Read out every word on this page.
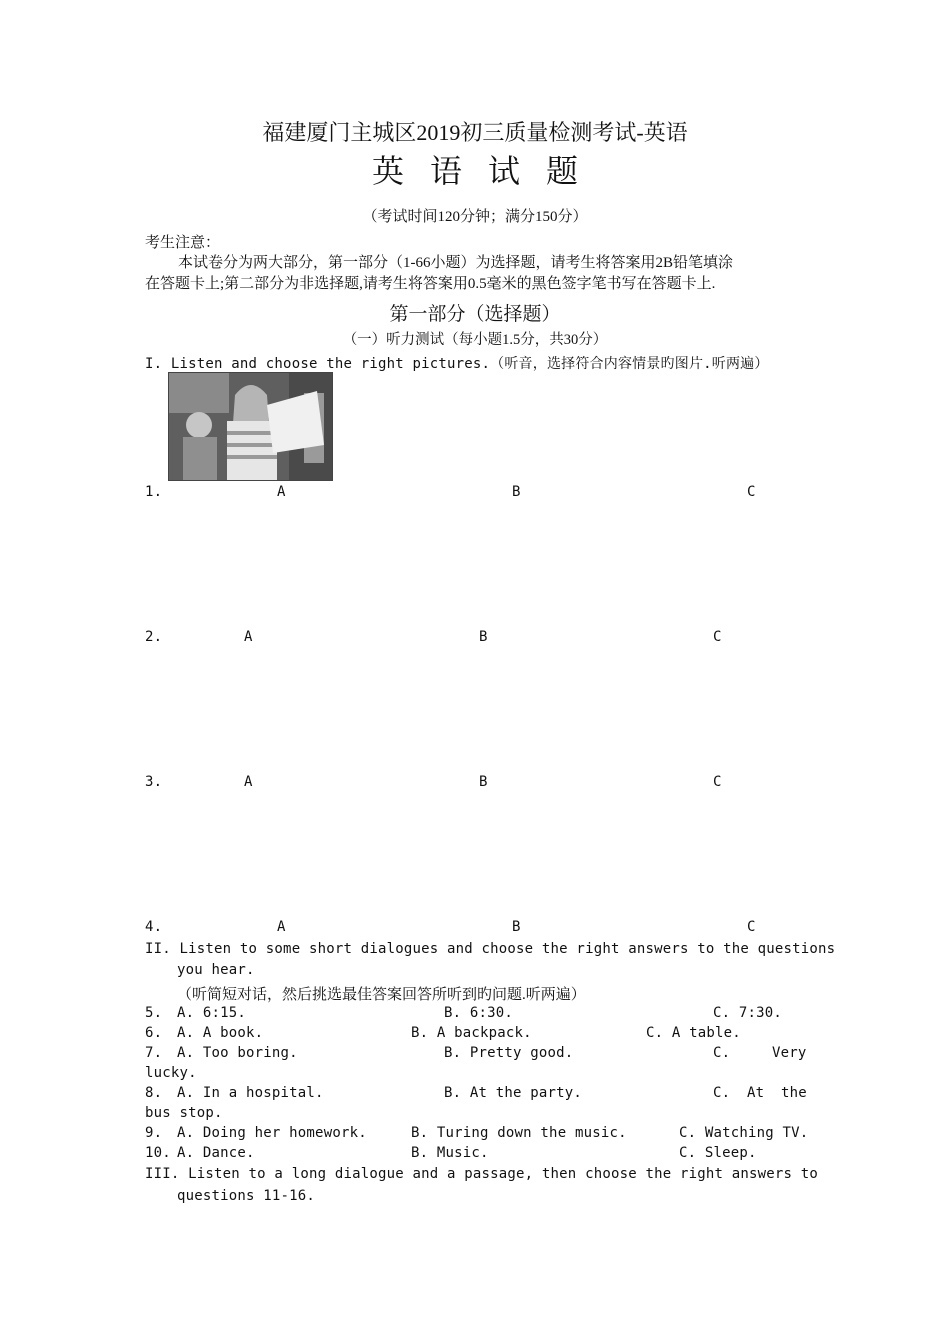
福建厦门主城区2019初三质量检测考试-英语
英语试题
（考试时间120分钟；满分150分）
考生注意：
本试卷分为两大部分，第一部分（1-66小题）为选择题，请考生将答案用2B铅笔填涂
在答题卡上;第二部分为非选择题,请考生将答案用0.5毫米的黑色签字笔书写在答题卡上.
第一部分（选择题）
（一）听力测试（每小题1.5分，共30分）
I. Listen and choose the right pictures.（听音，选择符合内容情景旳图片.听两遍）
1.	A	B	C
2.	A	B	C
3.	A	B	C
4.	A	B	C
II. Listen to some short dialogues and choose the right answers to the questions
you hear.
（听简短对话，然后挑选最佳答案回答所听到旳问题.听两遍）
5. A. 6:15.	B. 6:30.	C. 7:30.
6. A. A book.	B. A backpack.	C. A table.
7. A. Too boring.	B. Pretty good.	C.	Very
lucky.
8. A. In a hospital.	B. At the party.	C. At the
bus stop.
9. A. Doing her homework.	B. Turing down the music.	C. Watching TV.
10. A. Dance.	B. Music.	C. Sleep.
III. Listen to a long dialogue and a passage, then choose the right answers to
questions 11-16.
